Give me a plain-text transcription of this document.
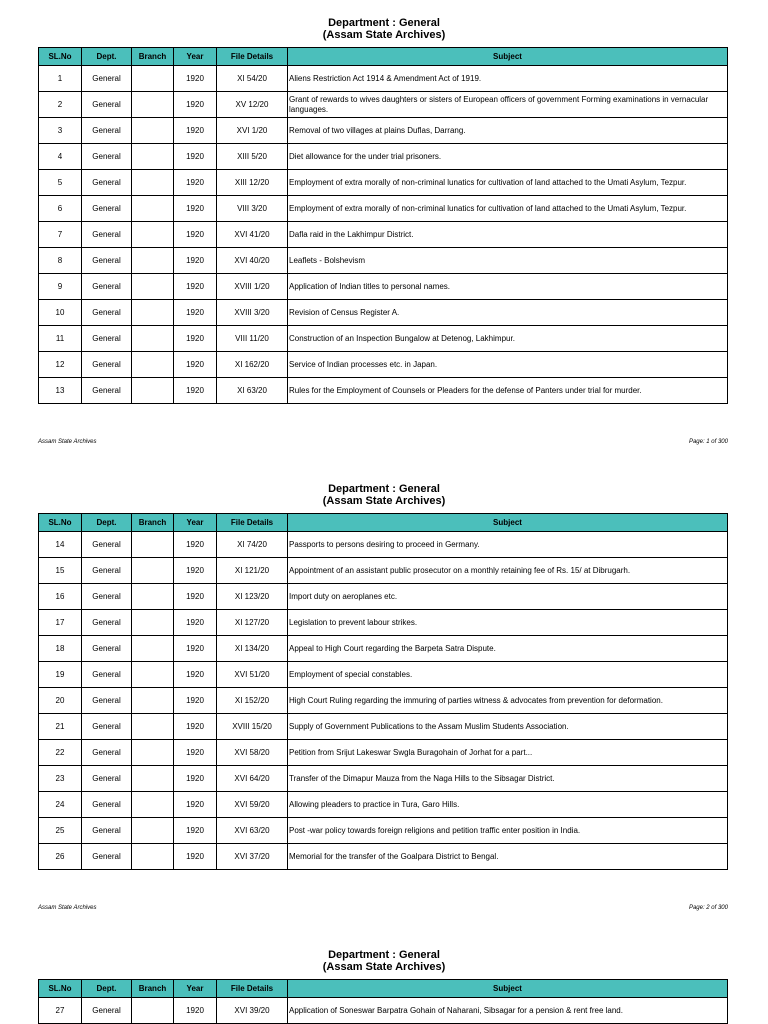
Department : General
(Assam State Archives)
SL.No	Dept.	Branch	Year	File Details	Subject
1	General		1920	XI 54/20	Aliens Restriction Act 1914 & Amendment Act of 1919.
2	General		1920	XV 12/20	Grant of rewards to wives daughters or sisters of European officers of government Forming examinations in vernacular languages.
3	General		1920	XVI 1/20	Removal of two villages at plains Duflas, Darrang.
4	General		1920	XIII 5/20	Diet allowance for the under trial prisoners.
5	General		1920	XIII 12/20	Employment of extra morally of non-criminal lunatics for cultivation of land attached to the Umati Asylum, Tezpur.
6	General		1920	VIII 3/20	Employment of extra morally of non-criminal lunatics for cultivation of land attached to the Umati Asylum, Tezpur.
7	General		1920	XVI 41/20	Dafla raid in the Lakhimpur District.
8	General		1920	XVI 40/20	Leaflets - Bolshevism
9	General		1920	XVIII 1/20	Application of Indian titles to personal names.
10	General		1920	XVIII 3/20	Revision of Census Register A.
11	General		1920	VIII 11/20	Construction of an Inspection Bungalow at Detenog, Lakhimpur.
12	General		1920	XI 162/20	Service of Indian processes etc. in Japan.
13	General		1920	XI 63/20	Rules for the Employment of Counsels or Pleaders for the defense of Panters under trial for murder.
Assam State Archives	Page: 1 of 300
Department : General
(Assam State Archives)
SL.No	Dept.	Branch	Year	File Details	Subject
14	General		1920	XI 74/20	Passports to persons desiring to proceed in Germany.
15	General		1920	XI 121/20	Appointment of an assistant public prosecutor on a monthly retaining fee of Rs. 15/ at Dibrugarh.
16	General		1920	XI 123/20	Import duty on aeroplanes etc.
17	General		1920	XI 127/20	Legislation to prevent labour strikes.
18	General		1920	XI 134/20	Appeal to High Court regarding the Barpeta Satra Dispute.
19	General		1920	XVI 51/20	Employment of special constables.
20	General		1920	XI 152/20	High Court Ruling regarding the immuring of parties witness & advocates from prevention for deformation.
21	General		1920	XVIII 15/20	Supply of Government Publications to the Assam Muslim Students Association.
22	General		1920	XVI 58/20	Petition from Srijut Lakeswar Swgla Buragohain of Jorhat for a part...
23	General		1920	XVI 64/20	Transfer of the Dimapur Mauza from the Naga Hills to the Sibsagar District.
24	General		1920	XVI 59/20	Allowing pleaders to practice in Tura, Garo Hills.
25	General		1920	XVI 63/20	Post -war policy towards foreign religions and petition traffic enter position in India.
26	General		1920	XVI 37/20	Memorial for the transfer of the Goalpara District to Bengal.
Assam State Archives	Page: 2 of 300
Department : General
(Assam State Archives)
SL.No	Dept.	Branch	Year	File Details	Subject
27	General		1920	XVI 39/20	Application of Soneswar Barpatra Gohain of Naharani, Sibsagar for a pension & rent free land.
